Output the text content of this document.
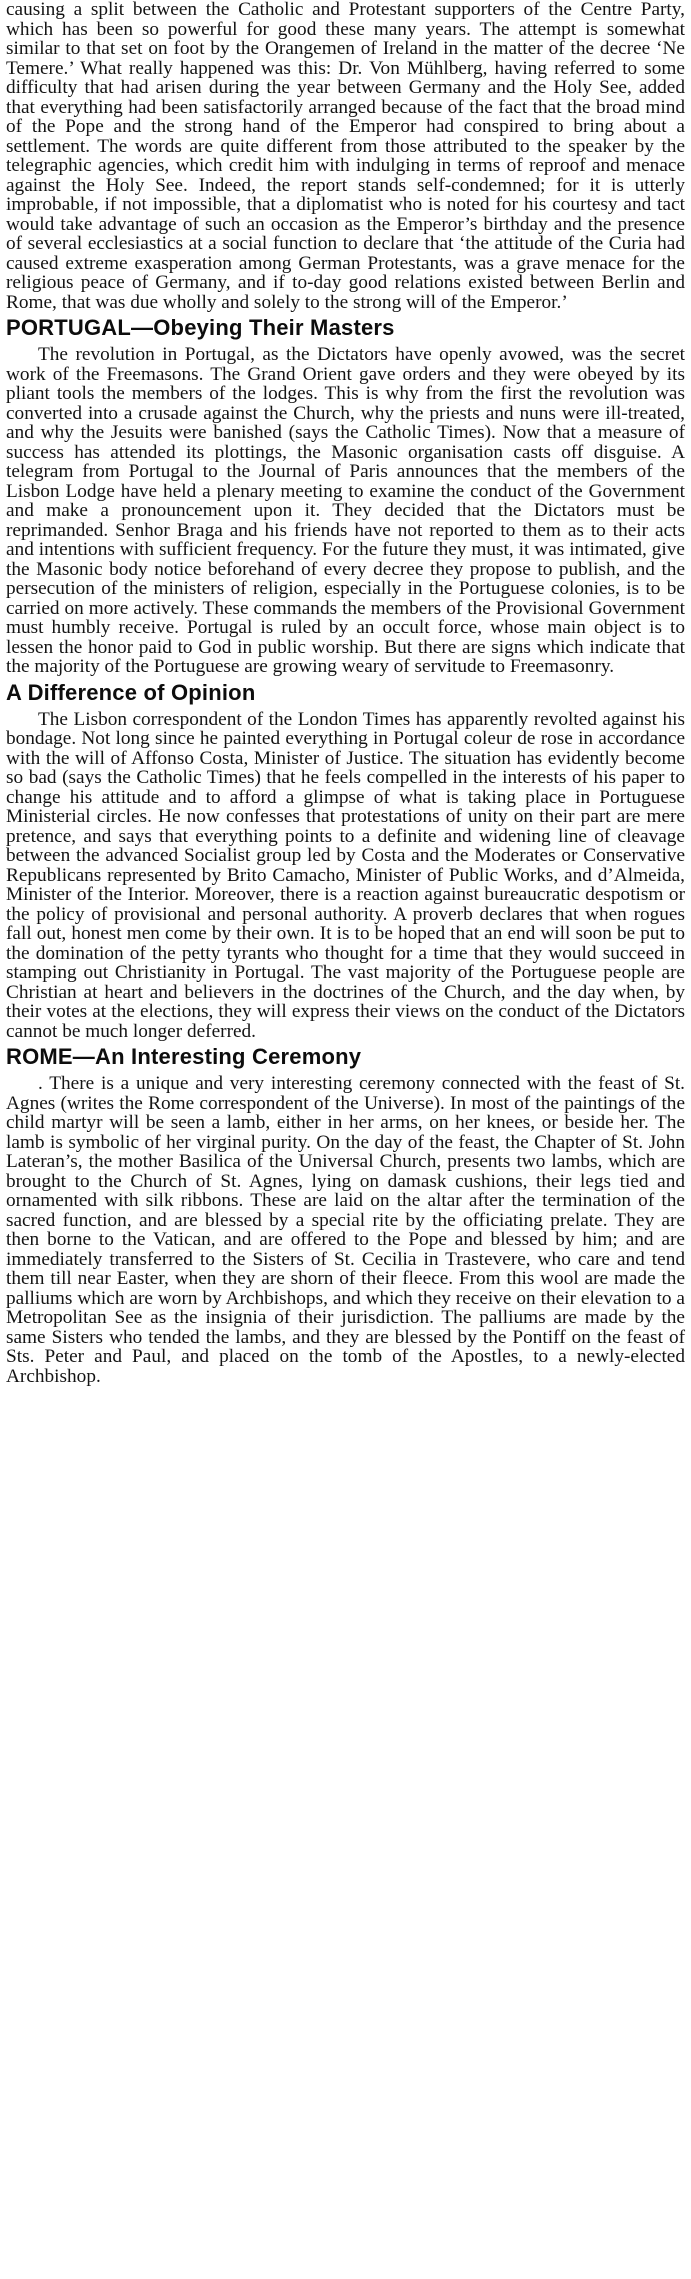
causing a split between the Catholic and Protestant supporters of the Centre Party, which has been so powerful for good these many years. The attempt is somewhat similar to that set on foot by the Orangemen of Ireland in the matter of the decree ‘Ne Temere.’ What really happened was this: Dr. Von Mühlberg, having referred to some difficulty that had arisen during the year between Germany and the Holy See, added that everything had been satisfactorily arranged because of the fact that the broad mind of the Pope and the strong hand of the Emperor had conspired to bring about a settlement. The words are quite different from those attributed to the speaker by the telegraphic agencies, which credit him with indulging in terms of reproof and menace against the Holy See. Indeed, the report stands self-condemned; for it is utterly improbable, if not impossible, that a diplomatist who is noted for his courtesy and tact would take advantage of such an occasion as the Emperor’s birthday and the presence of several ecclesiastics at a social function to declare that ‘the attitude of the Curia had caused extreme exasperation among German Protestants, was a grave menace for the religious peace of Germany, and if to-day good relations existed between Berlin and Rome, that was due wholly and solely to the strong will of the Emperor.’

PORTUGAL—Obeying Their Masters

The revolution in Portugal, as the Dictators have openly avowed, was the secret work of the Freemasons. The Grand Orient gave orders and they were obeyed by its pliant tools the members of the lodges. This is why from the first the revolution was converted into a crusade against the Church, why the priests and nuns were ill-treated, and why the Jesuits were banished (says the Catholic Times). Now that a measure of success has attended its plottings, the Masonic organisation casts off disguise. A telegram from Portugal to the Journal of Paris announces that the members of the Lisbon Lodge have held a plenary meeting to examine the conduct of the Government and make a pronouncement upon it. They decided that the Dictators must be reprimanded. Senhor Braga and his friends have not reported to them as to their acts and intentions with sufficient frequency. For the future they must, it was intimated, give the Masonic body notice beforehand of every decree they propose to publish, and the persecution of the ministers of religion, especially in the Portuguese colonies, is to be carried on more actively. These commands the members of the Provisional Government must humbly receive. Portugal is ruled by an occult force, whose main object is to lessen the honor paid to God in public worship. But there are signs which indicate that the majority of the Portuguese are growing weary of servitude to Freemasonry.

A Difference of Opinion

The Lisbon correspondent of the London Times has apparently revolted against his bondage. Not long since he painted everything in Portugal coleur de rose in accordance with the will of Affonso Costa, Minister of Justice. The situation has evidently become so bad (says the Catholic Times) that he feels compelled in the interests of his paper to change his attitude and to afford a glimpse of what is taking place in Portuguese Ministerial circles. He now confesses that protestations of unity on their part are mere pretence, and says that everything points to a definite and widening line of cleavage between the advanced Socialist group led by Costa and the Moderates or Conservative Republicans represented by Brito Camacho, Minister of Public Works, and d’Almeida, Minister of the Interior. Moreover, there is a reaction against bureaucratic despotism or the policy of provisional and personal authority. A proverb declares that when rogues fall out, honest men come by their own. It is to be hoped that an end will soon be put to the domination of the petty tyrants who thought for a time that they would succeed in stamping out Christianity in Portugal. The vast majority of the Portuguese people are Christian at heart and believers in the doctrines of the Church, and the day when, by their votes at the elections, they will express their views on the conduct of the Dictators cannot be much longer deferred.

ROME—An Interesting Ceremony

. There is a unique and very interesting ceremony connected with the feast of St. Agnes (writes the Rome correspondent of the Universe). In most of the paintings of the child martyr will be seen a lamb, either in her arms, on her knees, or beside her. The lamb is symbolic of her virginal purity. On the day of the feast, the Chapter of St. John Lateran’s, the mother Basilica of the Universal Church, presents two lambs, which are brought to the Church of St. Agnes, lying on damask cushions, their legs tied and ornamented with silk ribbons. These are laid on the altar after the termination of the sacred function, and are blessed by a special rite by the officiating prelate. They are then borne to the Vatican, and are offered to the Pope and blessed by him; and are immediately transferred to the Sisters of St. Cecilia in Trastevere, who care and tend them till near Easter, when they are shorn of their fleece. From this wool are made the palliums which are worn by Archbishops, and which they receive on their elevation to a Metropolitan See as the insignia of their jurisdiction. The palliums are made by the same Sisters who tended the lambs, and they are blessed by the Pontiff on the feast of Sts. Peter and Paul, and placed on the tomb of the Apostles, to a newly-elected Archbishop.
